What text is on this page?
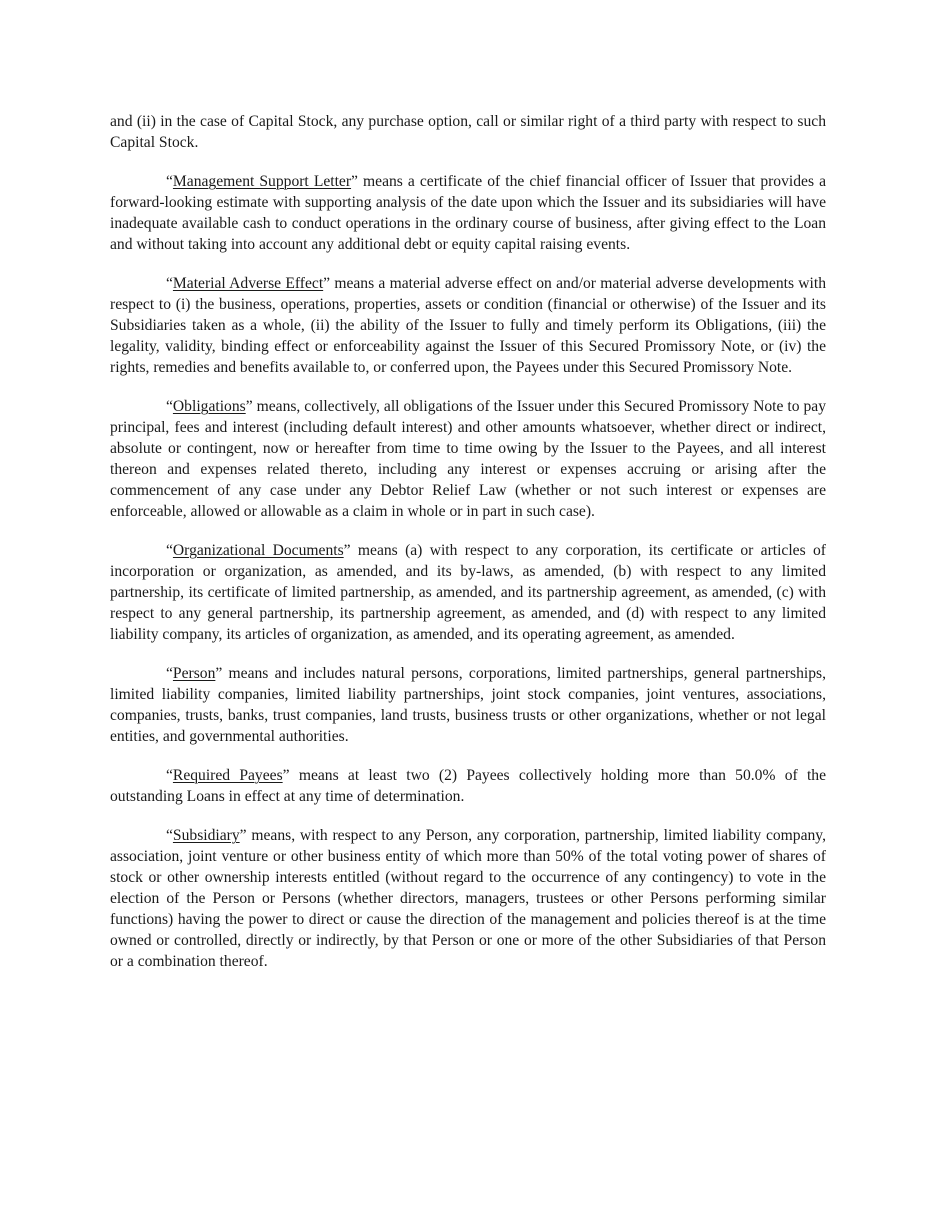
and (ii) in the case of Capital Stock, any purchase option, call or similar right of a third party with respect to such Capital Stock.

“Management Support Letter” means a certificate of the chief financial officer of Issuer that provides a forward-looking estimate with supporting analysis of the date upon which the Issuer and its subsidiaries will have inadequate available cash to conduct operations in the ordinary course of business, after giving effect to the Loan and without taking into account any additional debt or equity capital raising events.

“Material Adverse Effect” means a material adverse effect on and/or material adverse developments with respect to (i) the business, operations, properties, assets or condition (financial or otherwise) of the Issuer and its Subsidiaries taken as a whole, (ii) the ability of the Issuer to fully and timely perform its Obligations, (iii) the legality, validity, binding effect or enforceability against the Issuer of this Secured Promissory Note, or (iv) the rights, remedies and benefits available to, or conferred upon, the Payees under this Secured Promissory Note.

“Obligations” means, collectively, all obligations of the Issuer under this Secured Promissory Note to pay principal, fees and interest (including default interest) and other amounts whatsoever, whether direct or indirect, absolute or contingent, now or hereafter from time to time owing by the Issuer to the Payees, and all interest thereon and expenses related thereto, including any interest or expenses accruing or arising after the commencement of any case under any Debtor Relief Law (whether or not such interest or expenses are enforceable, allowed or allowable as a claim in whole or in part in such case).

“Organizational Documents” means (a) with respect to any corporation, its certificate or articles of incorporation or organization, as amended, and its by-laws, as amended, (b) with respect to any limited partnership, its certificate of limited partnership, as amended, and its partnership agreement, as amended, (c) with respect to any general partnership, its partnership agreement, as amended, and (d) with respect to any limited liability company, its articles of organization, as amended, and its operating agreement, as amended.

“Person” means and includes natural persons, corporations, limited partnerships, general partnerships, limited liability companies, limited liability partnerships, joint stock companies, joint ventures, associations, companies, trusts, banks, trust companies, land trusts, business trusts or other organizations, whether or not legal entities, and governmental authorities.

“Required Payees” means at least two (2) Payees collectively holding more than 50.0% of the outstanding Loans in effect at any time of determination.

“Subsidiary” means, with respect to any Person, any corporation, partnership, limited liability company, association, joint venture or other business entity of which more than 50% of the total voting power of shares of stock or other ownership interests entitled (without regard to the occurrence of any contingency) to vote in the election of the Person or Persons (whether directors, managers, trustees or other Persons performing similar functions) having the power to direct or cause the direction of the management and policies thereof is at the time owned or controlled, directly or indirectly, by that Person or one or more of the other Subsidiaries of that Person or a combination thereof.
